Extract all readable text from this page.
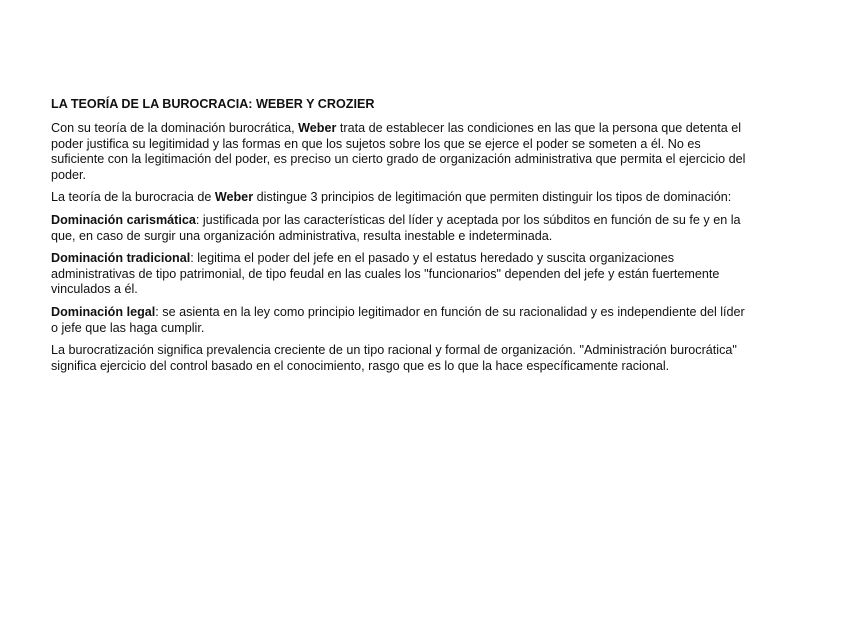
LA TEORÍA DE LA BUROCRACIA: WEBER Y CROZIER

Con su teoría de la dominación burocrática, Weber trata de establecer las condiciones en las que la persona que detenta el poder justifica su legitimidad y las formas en que los sujetos sobre los que se ejerce el poder se someten a él. No es suficiente con la legitimación del poder, es preciso un cierto grado de organización administrativa que permita el ejercicio del poder.

La teoría de la burocracia de Weber distingue 3 principios de legitimación que permiten distinguir los tipos de dominación:

Dominación carismática: justificada por las características del líder y aceptada por los súbditos en función de su fe y en la que, en caso de surgir una organización administrativa, resulta inestable e indeterminada.

Dominación tradicional: legitima el poder del jefe en el pasado y el estatus heredado y suscita organizaciones administrativas de tipo patrimonial, de tipo feudal en las cuales los "funcionarios" dependen del jefe y están fuertemente vinculados a él.

Dominación legal: se asienta en la ley como principio legitimador en función de su racionalidad y es independiente del líder o jefe que las haga cumplir.

La burocratización significa prevalencia creciente de un tipo racional y formal de organización. "Administración burocrática" significa ejercicio del control basado en el conocimiento, rasgo que es lo que la hace específicamente racional.
